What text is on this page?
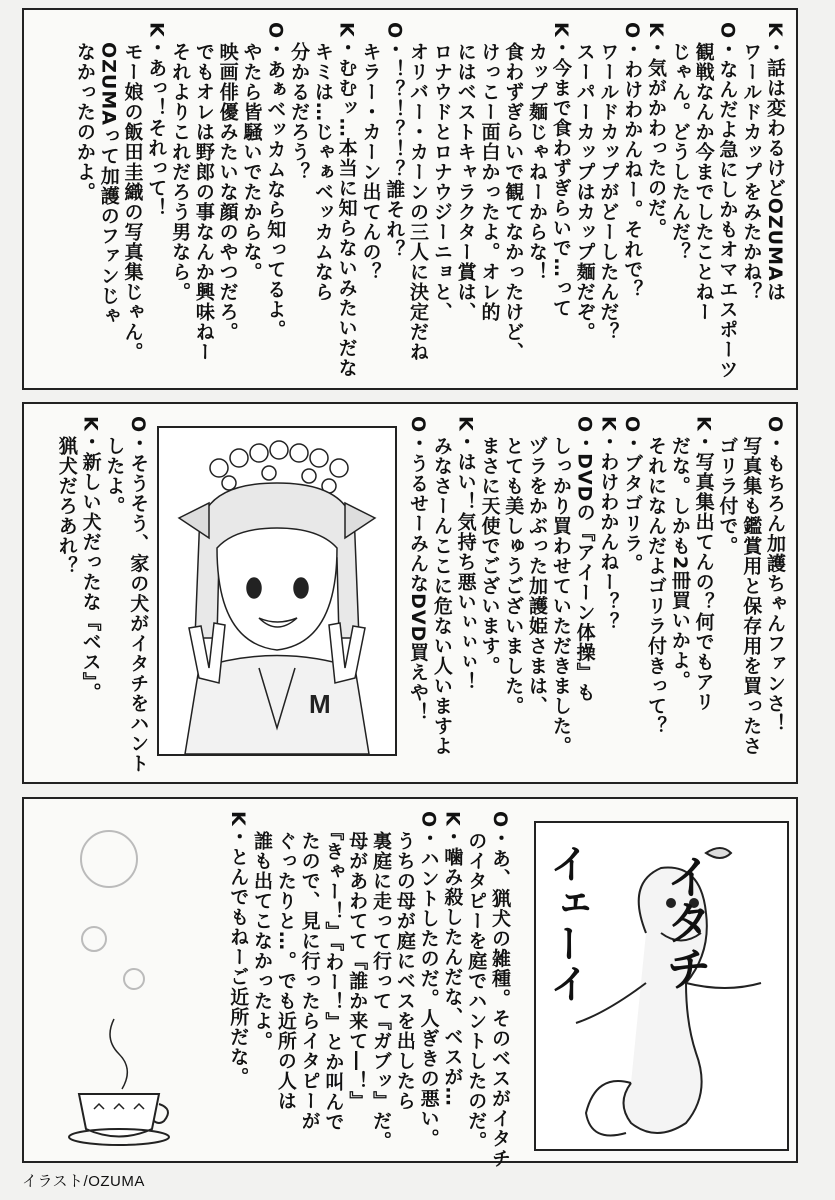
K・話は変わるけどOZUMAは
　ワールドカップをみたかね？
O・なんだよ急にしかもオマエスポーツ
　観戦なんか今までしたことねー
　じゃん。どうしたんだ？
K・気がかわったのだ。
O・わけわかんねー。それで？
　ワールドカップがどーしたんだ？
　スーパーカップはカップ麺だぞ。
K・今まで食わずぎらいで…って
　カップ麺じゃねーからな！
　食わずぎらいで観てなかったけど、
　けっこー面白かったよ。オレ的
　にはベストキャラクター賞は、
　ロナウドとロナウジーニョと、
　オリバー・カーンの三人に決定だね
O・！？！？！？誰それ？
　キラー・カーン出てんの？
K・むむッ…本当に知らないみたいだな
　キミは…じゃぁベッカムなら
　分かるだろう？
O・あぁベッカムなら知ってるよ。
　やたら皆騒いでたからな。
　映画俳優みたいな顔のやつだろ。
　でもオレは野郎の事なんか興味ねー
　それよりこれだろう男なら。
K・あっ！それって！
　モー娘の飯田圭織の写真集じゃん。
　OZUMAって加護のファンじゃ
　なかったのかよ。
O・もちろん加護ちゃんファンさ！
　写真集も鑑賞用と保存用を買ったさ
　ゴリラ付で。
K・写真集出てんの？何でもアリ
　だな。しかも2冊買いかよ。
　それになんだよゴリラ付きって？
O・ブタゴリラ。
K・わけわかんねー？？
O・DVDの『アイーン体操』も
　しっかり買わせていただきました。
　ヅラをかぶった加護姫さまは、
　とても美しゅうございました。
　まさに天使でございます。
K・はい！気持ち悪いぃぃぃ！
　みなさーんここに危ない人いますよ
O・うるせーみんなDVD買えや！
O・そうそう、家の犬がイタチをハント
　したよ。
K・新しい犬だったな『ベス』。
　猟犬だろあれ？
M
O・あ、猟犬の雑種。そのベスがイタチ
　のイタピーを庭でハントしたのだ。
K・噛み殺したんだな、ベスが…
O・ハントしたのだ。人ぎきの悪い。
　うちの母が庭にベスを出したら
　裏庭に走って行って『ガブッ』だ。
　母があわてて『誰か来て―！』
　『きゃー！』『わー！』とか叫んで
　たので、見に行ったらイタピーが
　ぐったりと…。でも近所の人は
　誰も出てこなかったよ。
K・とんでもねーご近所だな。	イタチ
イェーイ
イラスト/OZUMA
